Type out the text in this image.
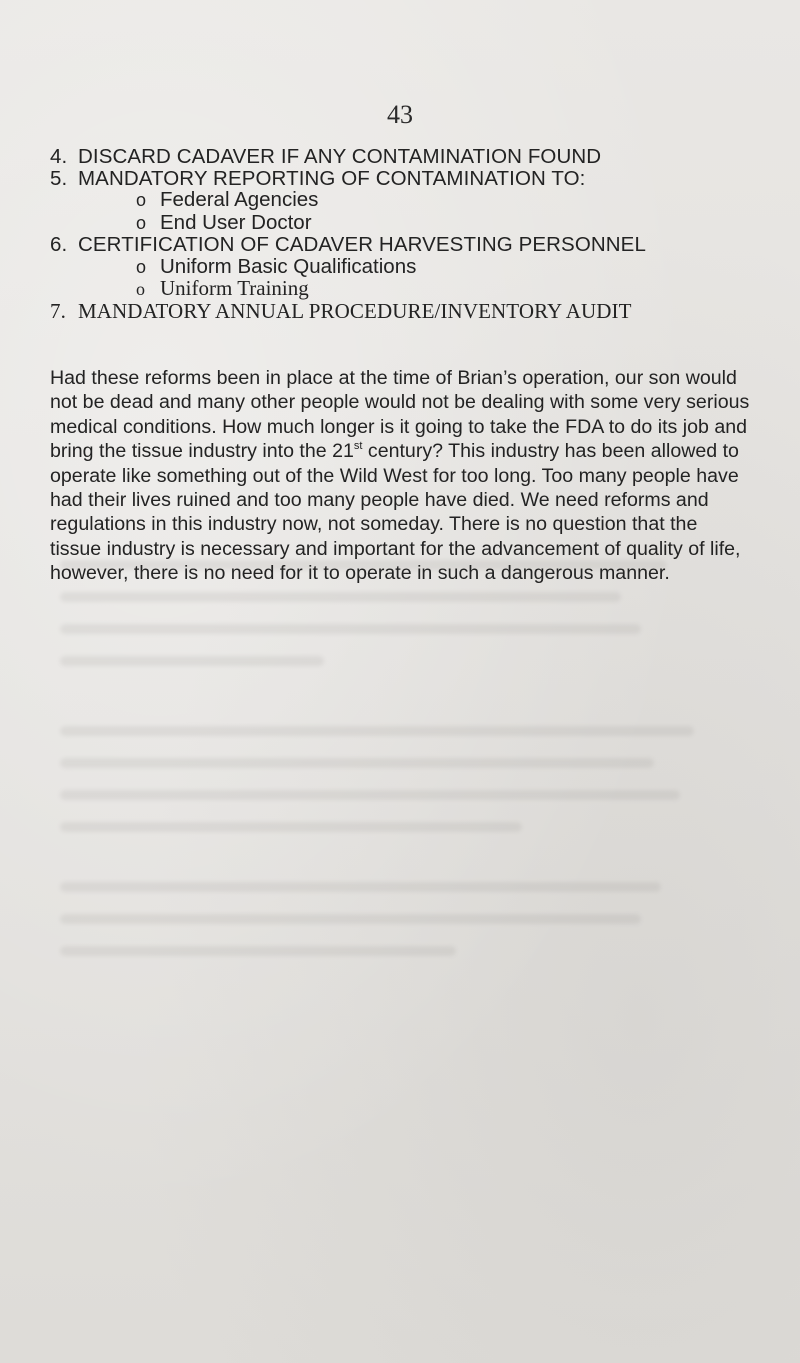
43
4. DISCARD CADAVER IF ANY CONTAMINATION FOUND
5. MANDATORY REPORTING OF CONTAMINATION TO:
o Federal Agencies
o End User Doctor
6. CERTIFICATION OF CADAVER HARVESTING PERSONNEL
o Uniform Basic Qualifications
o Uniform Training
7. MANDATORY ANNUAL PROCEDURE/INVENTORY AUDIT

Had these reforms been in place at the time of Brian’s operation, our son would
not be dead and many other people would not be dealing with some very serious
medical conditions. How much longer is it going to take the FDA to do its job and
bring the tissue industry into the 21st century? This industry has been allowed to
operate like something out of the Wild West for too long. Too many people have
had their lives ruined and too many people have died. We need reforms and
regulations in this industry now, not someday. There is no question that the
tissue industry is necessary and important for the advancement of quality of life,
however, there is no need for it to operate in such a dangerous manner.
